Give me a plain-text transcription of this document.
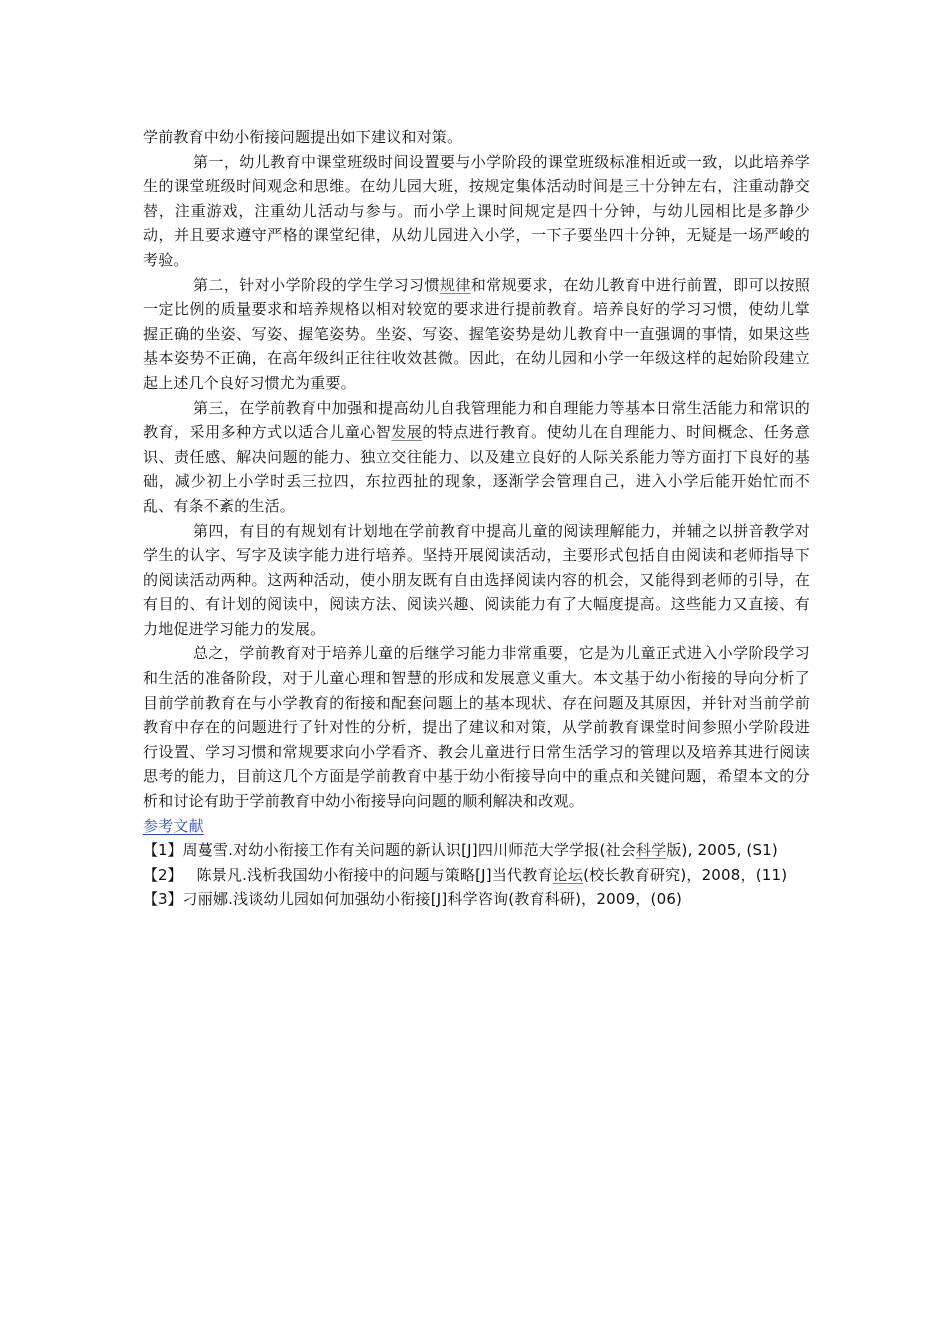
学前教育中幼小衔接问题提出如下建议和对策。

第一，幼儿教育中课堂班级时间设置要与小学阶段的课堂班级标准相近或一致，以此培养学生的课堂班级时间观念和思维。在幼儿园大班，按规定集体活动时间是三十分钟左右，注重动静交替，注重游戏，注重幼儿活动与参与。而小学上课时间规定是四十分钟，与幼儿园相比是多静少动，并且要求遵守严格的课堂纪律，从幼儿园进入小学，一下子要坐四十分钟，无疑是一场严峻的考验。

第二，针对小学阶段的学生学习习惯规律和常规要求，在幼儿教育中进行前置，即可以按照一定比例的质量要求和培养规格以相对较宽的要求进行提前教育。培养良好的学习习惯，使幼儿掌握正确的坐姿、写姿、握笔姿势。坐姿、写姿、握笔姿势是幼儿教育中一直强调的事情，如果这些基本姿势不正确，在高年级纠正往往收效甚微。因此，在幼儿园和小学一年级这样的起始阶段建立起上述几个良好习惯尤为重要。

第三，在学前教育中加强和提高幼儿自我管理能力和自理能力等基本日常生活能力和常识的教育，采用多种方式以适合儿童心智发展的特点进行教育。使幼儿在自理能力、时间概念、任务意识、责任感、解决问题的能力、独立交往能力、以及建立良好的人际关系能力等方面打下良好的基础，减少初上小学时丢三拉四，东拉西扯的现象，逐渐学会管理自己，进入小学后能开始忙而不乱、有条不紊的生活。

第四，有目的有规划有计划地在学前教育中提高儿童的阅读理解能力，并辅之以拼音教学对学生的认字、写字及读字能力进行培养。坚持开展阅读活动，主要形式包括自由阅读和老师指导下的阅读活动两种。这两种活动，使小朋友既有自由选择阅读内容的机会，又能得到老师的引导，在有目的、有计划的阅读中，阅读方法、阅读兴趣、阅读能力有了大幅度提高。这些能力又直接、有力地促进学习能力的发展。

总之，学前教育对于培养儿童的后继学习能力非常重要，它是为儿童正式进入小学阶段学习和生活的准备阶段，对于儿童心理和智慧的形成和发展意义重大。本文基于幼小衔接的导向分析了目前学前教育在与小学教育的衔接和配套问题上的基本现状、存在问题及其原因，并针对当前学前教育中存在的问题进行了针对性的分析，提出了建议和对策，从学前教育课堂时间参照小学阶段进行设置、学习习惯和常规要求向小学看齐、教会儿童进行日常生活学习的管理以及培养其进行阅读思考的能力，目前这几个方面是学前教育中基于幼小衔接导向中的重点和关键问题，希望本文的分析和讨论有助于学前教育中幼小衔接导向问题的顺利解决和改观。

参考文献

【1】周蔓雪.对幼小衔接工作有关问题的新认识[J]四川师范大学学报(社会科学版), 2005, (S1)

【2】 陈景凡.浅析我国幼小衔接中的问题与策略[J]当代教育论坛(校长教育研究)，2008，(11)

【3】刁丽娜.浅谈幼儿园如何加强幼小衔接[J]科学咨询(教育科研)，2009，(06)
